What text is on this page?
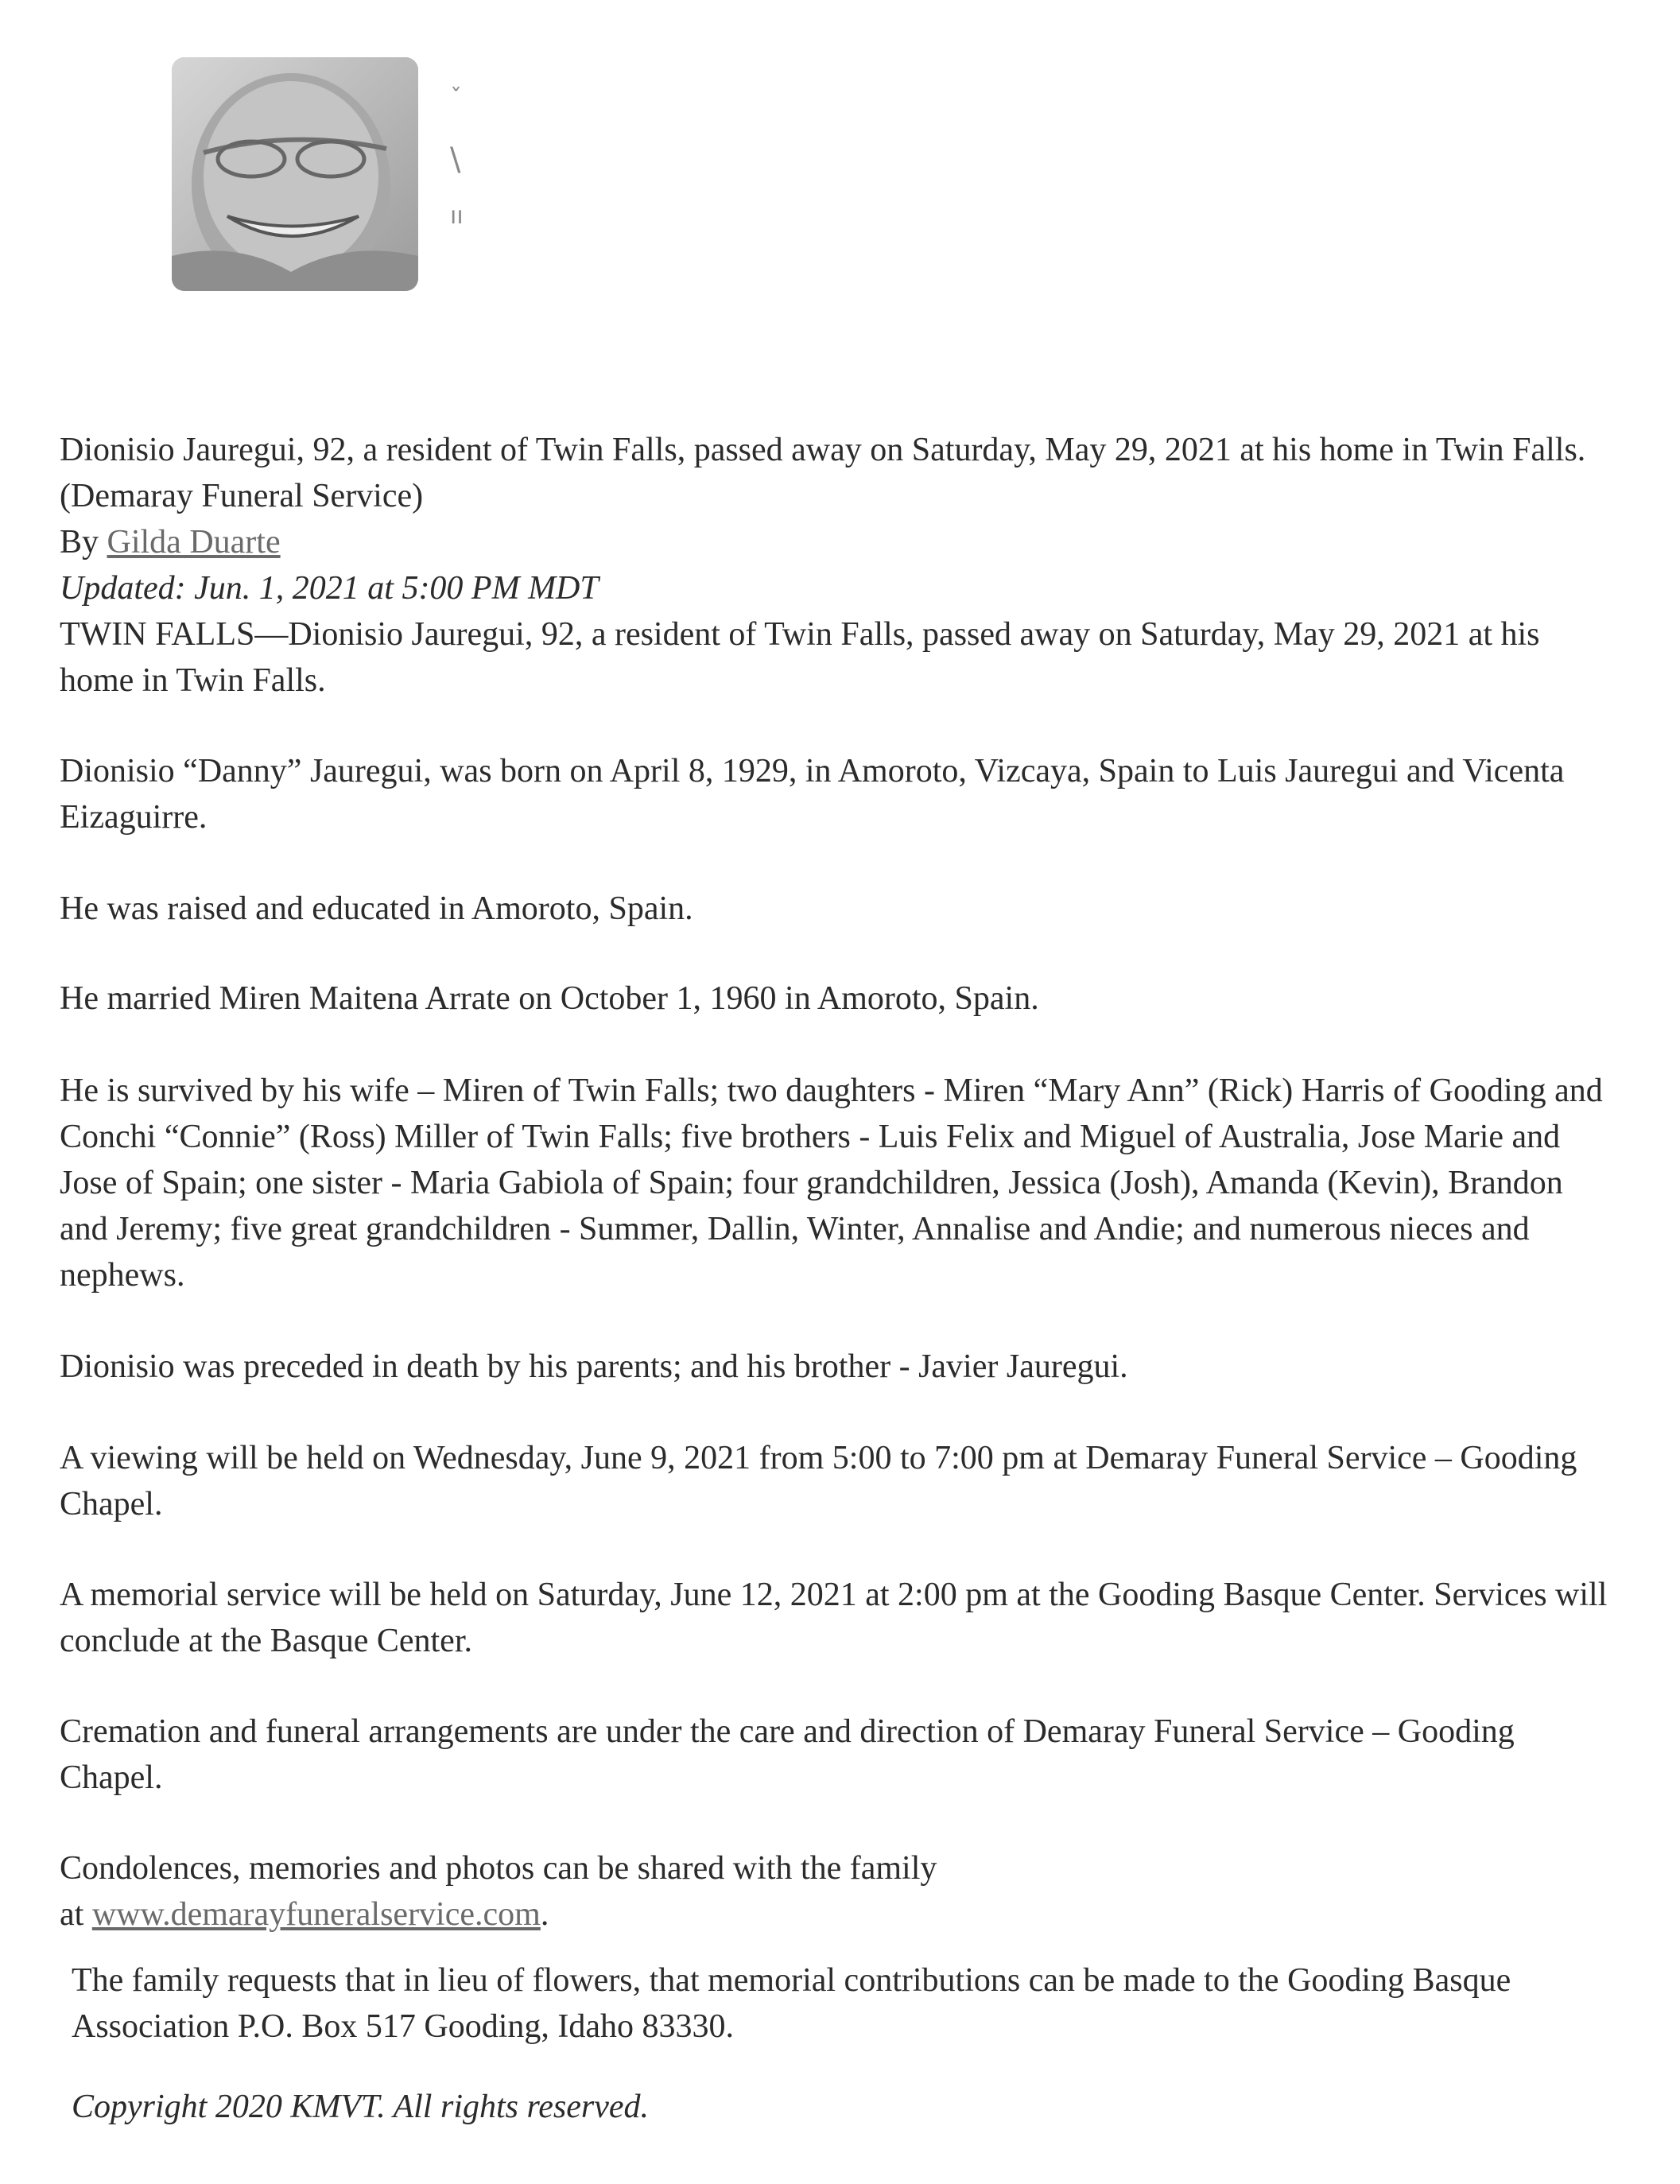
ˇ
\
ıı

Dionisio Jauregui, 92, a resident of Twin Falls, passed away on Saturday, May 29, 2021 at his home in Twin Falls.(Demaray Funeral Service)

By Gilda Duarte

Updated: Jun. 1, 2021 at 5:00 PM MDT

TWIN FALLS—Dionisio Jauregui, 92, a resident of Twin Falls, passed away on Saturday, May 29, 2021 at his home in Twin Falls.

Dionisio “Danny” Jauregui, was born on April 8, 1929, in Amoroto, Vizcaya, Spain to Luis Jauregui and Vicenta Eizaguirre.

He was raised and educated in Amoroto, Spain.

He married Miren Maitena Arrate on October 1, 1960 in Amoroto, Spain.

He is survived by his wife – Miren of Twin Falls; two daughters - Miren “Mary Ann” (Rick) Harris of Gooding and Conchi “Connie” (Ross) Miller of Twin Falls; five brothers - Luis Felix and Miguel of Australia, Jose Marie and Jose of Spain; one sister - Maria Gabiola of Spain; four grandchildren, Jessica (Josh), Amanda (Kevin), Brandon and Jeremy; five great grandchildren - Summer, Dallin, Winter, Annalise and Andie; and numerous nieces and nephews.

Dionisio was preceded in death by his parents; and his brother - Javier Jauregui.

A viewing will be held on Wednesday, June 9, 2021 from 5:00 to 7:00 pm at Demaray Funeral Service – Gooding Chapel.

A memorial service will be held on Saturday, June 12, 2021 at 2:00 pm at the Gooding Basque Center. Services will conclude at the Basque Center.

Cremation and funeral arrangements are under the care and direction of Demaray Funeral Service – Gooding Chapel.

Condolences, memories and photos can be shared with the family
at www.demarayfuneralservice.com.

The family requests that in lieu of flowers, that memorial contributions can be made to the Gooding Basque Association P.O. Box 517 Gooding, Idaho 83330.

Copyright 2020 KMVT. All rights reserved.
